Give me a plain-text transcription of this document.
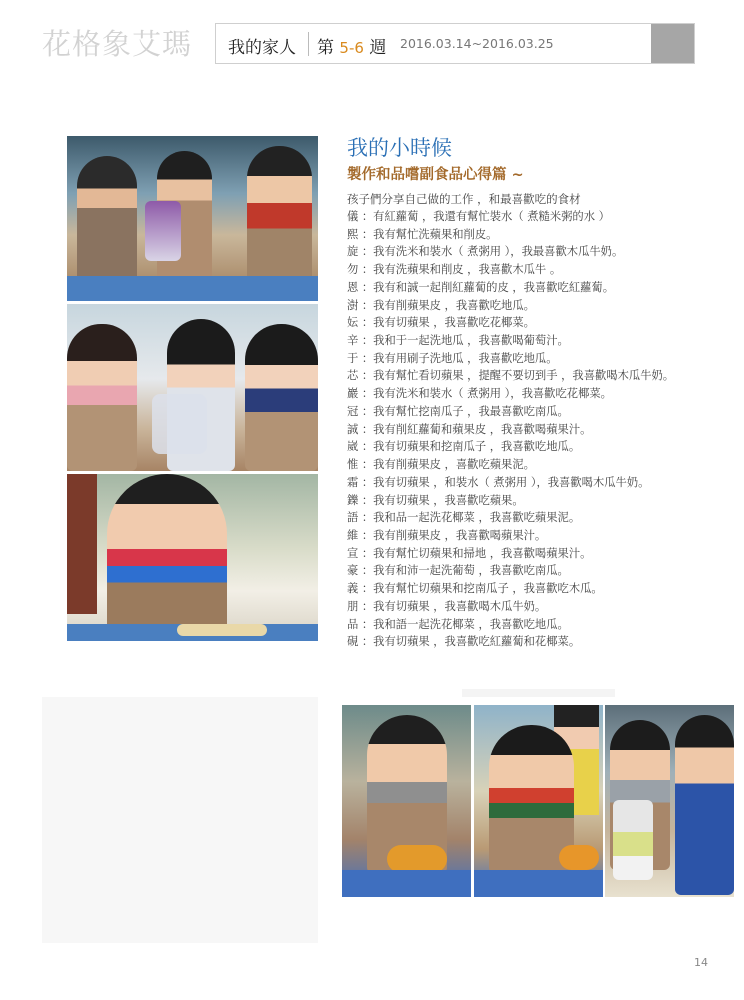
花格象艾瑪 我的家人 第 5-6 週 2016.03.14~2016.03.25
我的小時候
製作和品嚐副食品心得篇 ~
孩子們分享自己做的工作 ，和最喜歡吃的食材
儀 ：有紅蘿蔔 ，我還有幫忙裝水（ 煮糙米粥的水 ）
熙 ：我有幫忙洗蘋果和削皮。
旋 ：我有洗米和裝水（ 煮粥用 ），我最喜歡木瓜牛奶。
勿 ：我有洗蘋果和削皮 ，我喜歡木瓜牛 。
恩 ：我有和誠一起削紅蘿蔔的皮 ，我喜歡吃紅蘿蔔。
澍 ：我有削蘋果皮 ，我喜歡吃地瓜。
妘 ：我有切蘋果 ，我喜歡吃花椰菜。
辛 ：我和于一起洗地瓜 ，我喜歡喝葡萄汁。
于 ：我有用刷子洗地瓜 ，我喜歡吃地瓜。
芯 ：我有幫忙看切蘋果 ，提醒不要切到手 ，我喜歡喝木瓜牛奶。
巖 ：我有洗米和裝水（ 煮粥用 ），我喜歡吃花椰菜。
冠 ：我有幫忙挖南瓜子 ，我最喜歡吃南瓜。
誠 ：我有削紅蘿蔔和蘋果皮 ，我喜歡喝蘋果汁。
崴 ：我有切蘋果和挖南瓜子 ，我喜歡吃地瓜。
惟 ：我有削蘋果皮 ，喜歡吃蘋果泥。
霜 ：我有切蘋果 ，和裝水（ 煮粥用 ），我喜歡喝木瓜牛奶。
鑠 ：我有切蘋果 ，我喜歡吃蘋果。
語 ：我和品一起洗花椰菜 ，我喜歡吃蘋果泥。
維 ：我有削蘋果皮 ，我喜歡喝蘋果汁。
宣 ：我有幫忙切蘋果和掃地 ，我喜歡喝蘋果汁。
豪 ：我有和沛一起洗葡萄 ，我喜歡吃南瓜。
義 ：我有幫忙切蘋果和挖南瓜子 ，我喜歡吃木瓜。
朋 ：我有切蘋果 ，我喜歡喝木瓜牛奶。
品 ：我和語一起洗花椰菜 ，我喜歡吃地瓜。
硯 ：我有切蘋果 ，我喜歡吃紅蘿蔔和花椰菜。
14
